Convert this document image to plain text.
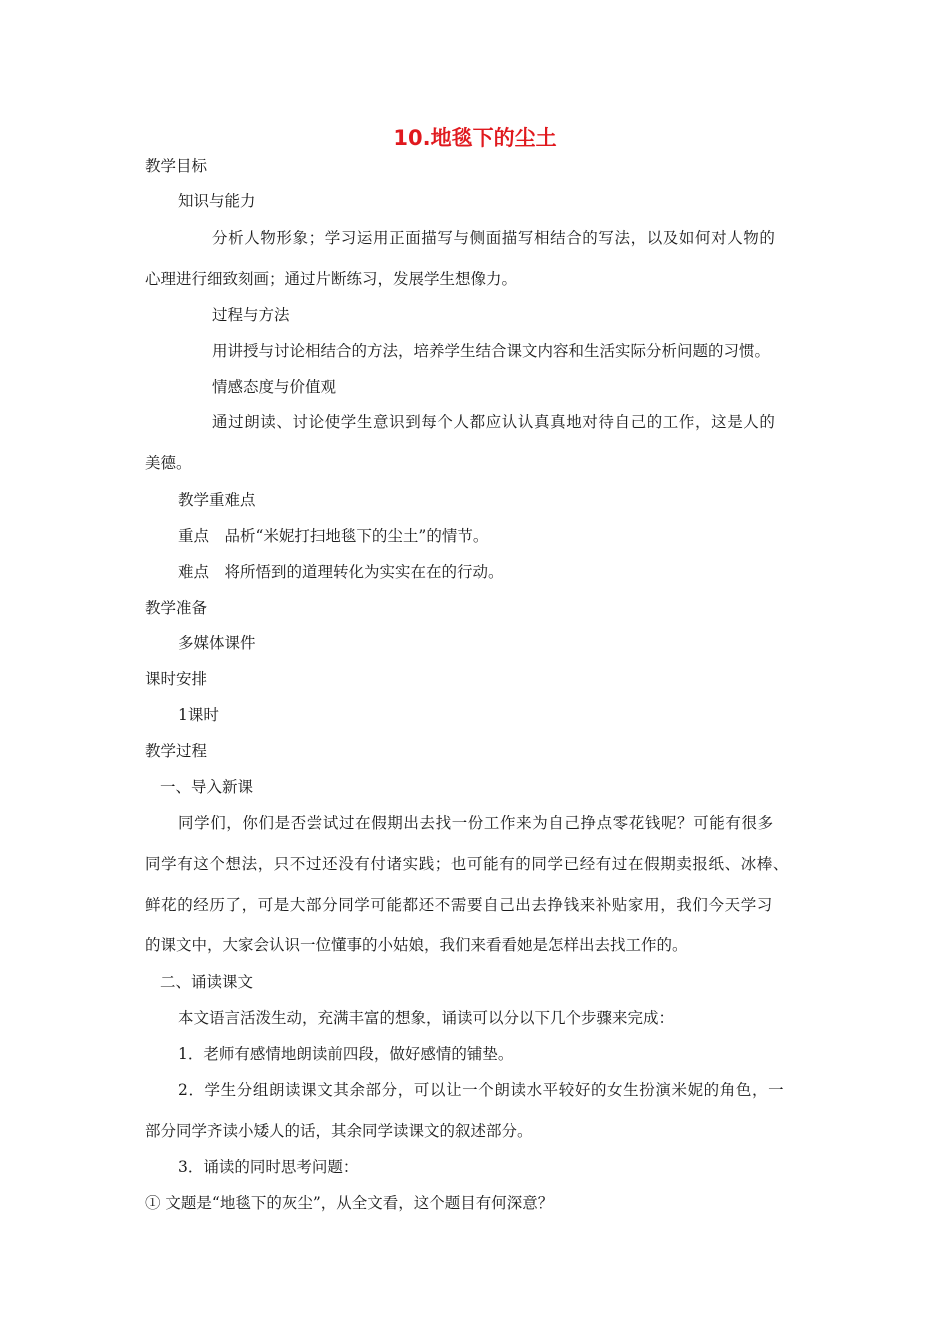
10.地毯下的尘土
教学目标
知识与能力
分析人物形象；学习运用正面描写与侧面描写相结合的写法，以及如何对人物的
心理进行细致刻画；通过片断练习，发展学生想像力。
过程与方法
用讲授与讨论相结合的方法，培养学生结合课文内容和生活实际分析问题的习惯。
情感态度与价值观
通过朗读、讨论使学生意识到每个人都应认认真真地对待自己的工作，这是人的
美德。
教学重难点
重点　品析“米妮打扫地毯下的尘土”的情节。
难点　将所悟到的道理转化为实实在在的行动。
教学准备
多媒体课件
课时安排
1课时
教学过程
一、导入新课
同学们，你们是否尝试过在假期出去找一份工作来为自己挣点零花钱呢？可能有很多
同学有这个想法，只不过还没有付诸实践；也可能有的同学已经有过在假期卖报纸、冰棒、
鲜花的经历了，可是大部分同学可能都还不需要自己出去挣钱来补贴家用，我们今天学习
的课文中，大家会认识一位懂事的小姑娘，我们来看看她是怎样出去找工作的。
二、诵读课文
本文语言活泼生动，充满丰富的想象，诵读可以分以下几个步骤来完成：
1．老师有感情地朗读前四段，做好感情的铺垫。
2．学生分组朗读课文其余部分，可以让一个朗读水平较好的女生扮演米妮的角色，一
部分同学齐读小矮人的话，其余同学读课文的叙述部分。
3．诵读的同时思考问题：
① 文题是“地毯下的灰尘”，从全文看，这个题目有何深意？
